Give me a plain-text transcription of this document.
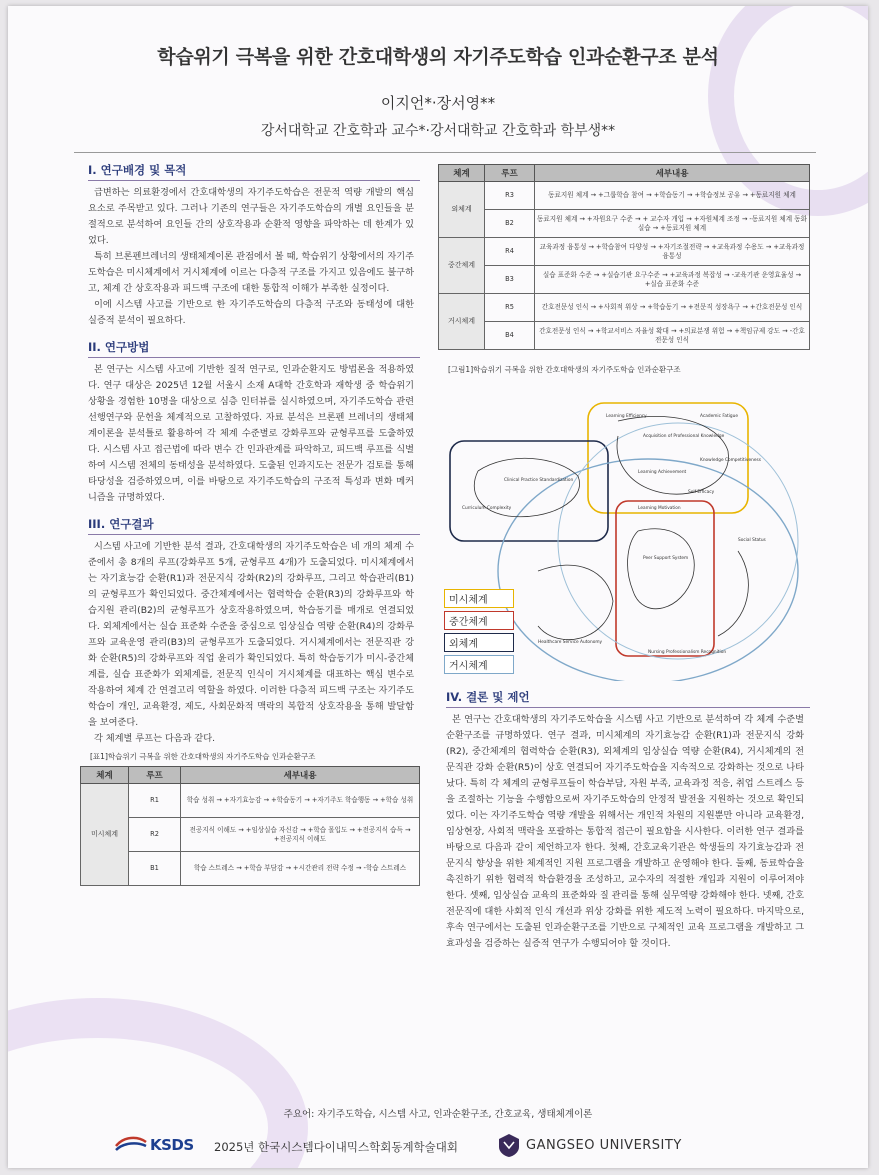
학습위기 극복을 위한 간호대학생의 자기주도학습 인과순환구조 분석
이지언*·장서영**
강서대학교 간호학과 교수*·강서대학교 간호학과 학부생**
I. 연구배경 및 목적

급변하는 의료환경에서 간호대학생의 자기주도학습은 전문적 역량 개발의 핵심 요소로 주목받고 있다. 그러나 기존의 연구들은 자기주도학습의 개별 요인들을 분절적으로 분석하여 요인들 간의 상호작용과 순환적 영향을 파악하는 데 한계가 있었다.

특히 브론펜브레너의 생태체계이론 관점에서 볼 때, 학습위기 상황에서의 자기주도학습은 미시체계에서 거시체계에 이르는 다층적 구조를 가지고 있음에도 불구하고, 체계 간 상호작용과 피드백 구조에 대한 통합적 이해가 부족한 실정이다.

이에 시스템 사고를 기반으로 한 자기주도학습의 다층적 구조와 동태성에 대한 실증적 분석이 필요하다.

II. 연구방법

본 연구는 시스템 사고에 기반한 질적 연구로, 인과순환지도 방법론을 적용하였다. 연구 대상은 2025년 12월 서울시 소재 A대학 간호학과 재학생 중 학습위기 상황을 경험한 10명을 대상으로 심층 인터뷰를 실시하였으며, 자기주도학습 관련 선행연구와 문헌을 체계적으로 고찰하였다. 자료 분석은 브론펜 브레너의 생태체계이론을 분석틀로 활용하여 각 체계 수준별로 강화루프와 균형루프를 도출하였다. 시스템 사고 접근법에 따라 변수 간 인과관계를 파악하고, 피드백 루프를 식별하여 시스템 전체의 동태성을 분석하였다. 도출된 인과지도는 전문가 검토를 통해 타당성을 검증하였으며, 이를 바탕으로 자기주도학습의 구조적 특성과 변화 메커니즘을 규명하였다.

III. 연구결과

시스템 사고에 기반한 분석 결과, 간호대학생의 자기주도학습은 네 개의 체계 수준에서 총 8개의 루프(강화루프 5개, 균형루프 4개)가 도출되었다. 미시체계에서는 자기효능감 순환(R1)과 전문지식 강화(R2)의 강화루프, 그리고 학습관리(B1)의 균형루프가 확인되었다. 중간체계에서는 협력학습 순환(R3)의 강화루프와 학습지원 관리(B2)의 균형루프가 상호작용하였으며, 학습동기를 매개로 연결되었다. 외체계에서는 실습 표준화 수준을 중심으로 임상실습 역량 순환(R4)의 강화루프와 교육운영 관리(B3)의 균형루프가 도출되었다. 거시체계에서는 전문직관 강화 순환(R5)의 강화루프와 직업 윤리가 확인되었다. 특히 학습동기가 미시-중간체계를, 실습 표준화가 외체계를, 전문직 인식이 거시체계를 대표하는 핵심 변수로 작용하여 체계 간 연결고리 역할을 하였다. 이러한 다층적 피드백 구조는 자기주도학습이 개인, 교육환경, 제도, 사회문화적 맥락의 복합적 상호작용을 통해 발달함을 보여준다.

각 체계별 루프는 다음과 같다.

[표1]학습위기 극복을 위한 간호대학생의 자기주도학습 인과순환구조
체계	루프	세부내용
미시체계	R1	학습 성취 → +자기효능감 → +학습동기 → +자기주도 학습행동 → +학습 성취
	R2	전공지식 이해도 → +임상실습 자신감 → +학습 몰입도 → +전공지식 습득 → +전공지식 이해도
	B1	학습 스트레스 → +학습 부담감 → +시간관리 전략 수정 → -학습 스트레스
체계	루프	세부내용
외체계	R3	동료지원 체계 → +그룹학습 참여 → +학습동기 → +학습정보 공유 → +동료지원 체계
	B2	동료지원 체계 → +자원요구 수준 → + 교수자 개입 → +자원체계 조정 → -동료지원 체계 동화실습 → +동료지원 체계
중간체계	R4	교육과정 융통성 → +학습참여 다양성 → +자기조절전략 → +교육과정 수용도 → +교육과정 융통성
	B3	실습 표준화 수준 → +실습기관 요구수준 → +교육과정 복잡성 → -교육기관 운영효율성 → +실습 표준화 수준
거시체계	R5	간호전문성 인식 → +사회적 위상 → +학습동기 → +전문직 성장욕구 → +간호전문성 인식
	B4	간호전문성 인식 → +학교서비스 자율성 확대 → +의료분쟁 위험 → +책임규제 강도 → -간호전문성 인식
[그림1]학습위기 극복을 위한 간호대학생의 자기주도학습 인과순환구조
Learning Efficiency	Academic Fatigue
Acquisition of Professional Knowledge
Knowledge Competitiveness
Learning Achievement
Self-Efficacy
Learning Motivation
Peer Support System
Clinical Practice Standardization
Curriculum Complexity
Social Status
Nursing Professionalism Recognition
Healthcare Service Autonomy
미시체계
중간체계
외체계
거시체계
IV. 결론 및 제언

본 연구는 간호대학생의 자기주도학습을 시스템 사고 기반으로 분석하여 각 체계 수준별 순환구조를 규명하였다. 연구 결과, 미시체계의 자기효능감 순환(R1)과 전문지식 강화(R2), 중간체계의 협력학습 순환(R3), 외체계의 임상실습 역량 순환(R4), 거시체계의 전문직관 강화 순환(R5)이 상호 연결되어 자기주도학습을 지속적으로 강화하는 것으로 나타났다. 특히 각 체계의 균형루프들이 학습부담, 자원 부족, 교육과정 적응, 취업 스트레스 등을 조절하는 기능을 수행함으로써 자기주도학습의 안정적 발전을 지원하는 것으로 확인되었다. 이는 자기주도학습 역량 개발을 위해서는 개인적 차원의 지원뿐만 아니라 교육환경, 임상현장, 사회적 맥락을 포괄하는 통합적 접근이 필요함을 시사한다. 이러한 연구 결과를 바탕으로 다음과 같이 제언하고자 한다. 첫째, 간호교육기관은 학생들의 자기효능감과 전문지식 향상을 위한 체계적인 지원 프로그램을 개발하고 운영해야 한다. 둘째, 동료학습을 촉진하기 위한 협력적 학습환경을 조성하고, 교수자의 적절한 개입과 지원이 이루어져야 한다. 셋째, 임상실습 교육의 표준화와 질 관리를 통해 실무역량 강화해야 한다. 넷째, 간호전문직에 대한 사회적 인식 개선과 위상 강화를 위한 제도적 노력이 필요하다. 마지막으로, 후속 연구에서는 도출된 인과순환구조를 기반으로 구체적인 교육 프로그램을 개발하고 그 효과성을 검증하는 실증적 연구가 수행되어야 할 것이다.

주요어: 자기주도학습, 시스템 사고, 인과순환구조, 간호교육, 생태체계이론
KSDS 2025년 한국시스템다이내믹스학회동계학술대회	GANGSEO UNIVERSITY
